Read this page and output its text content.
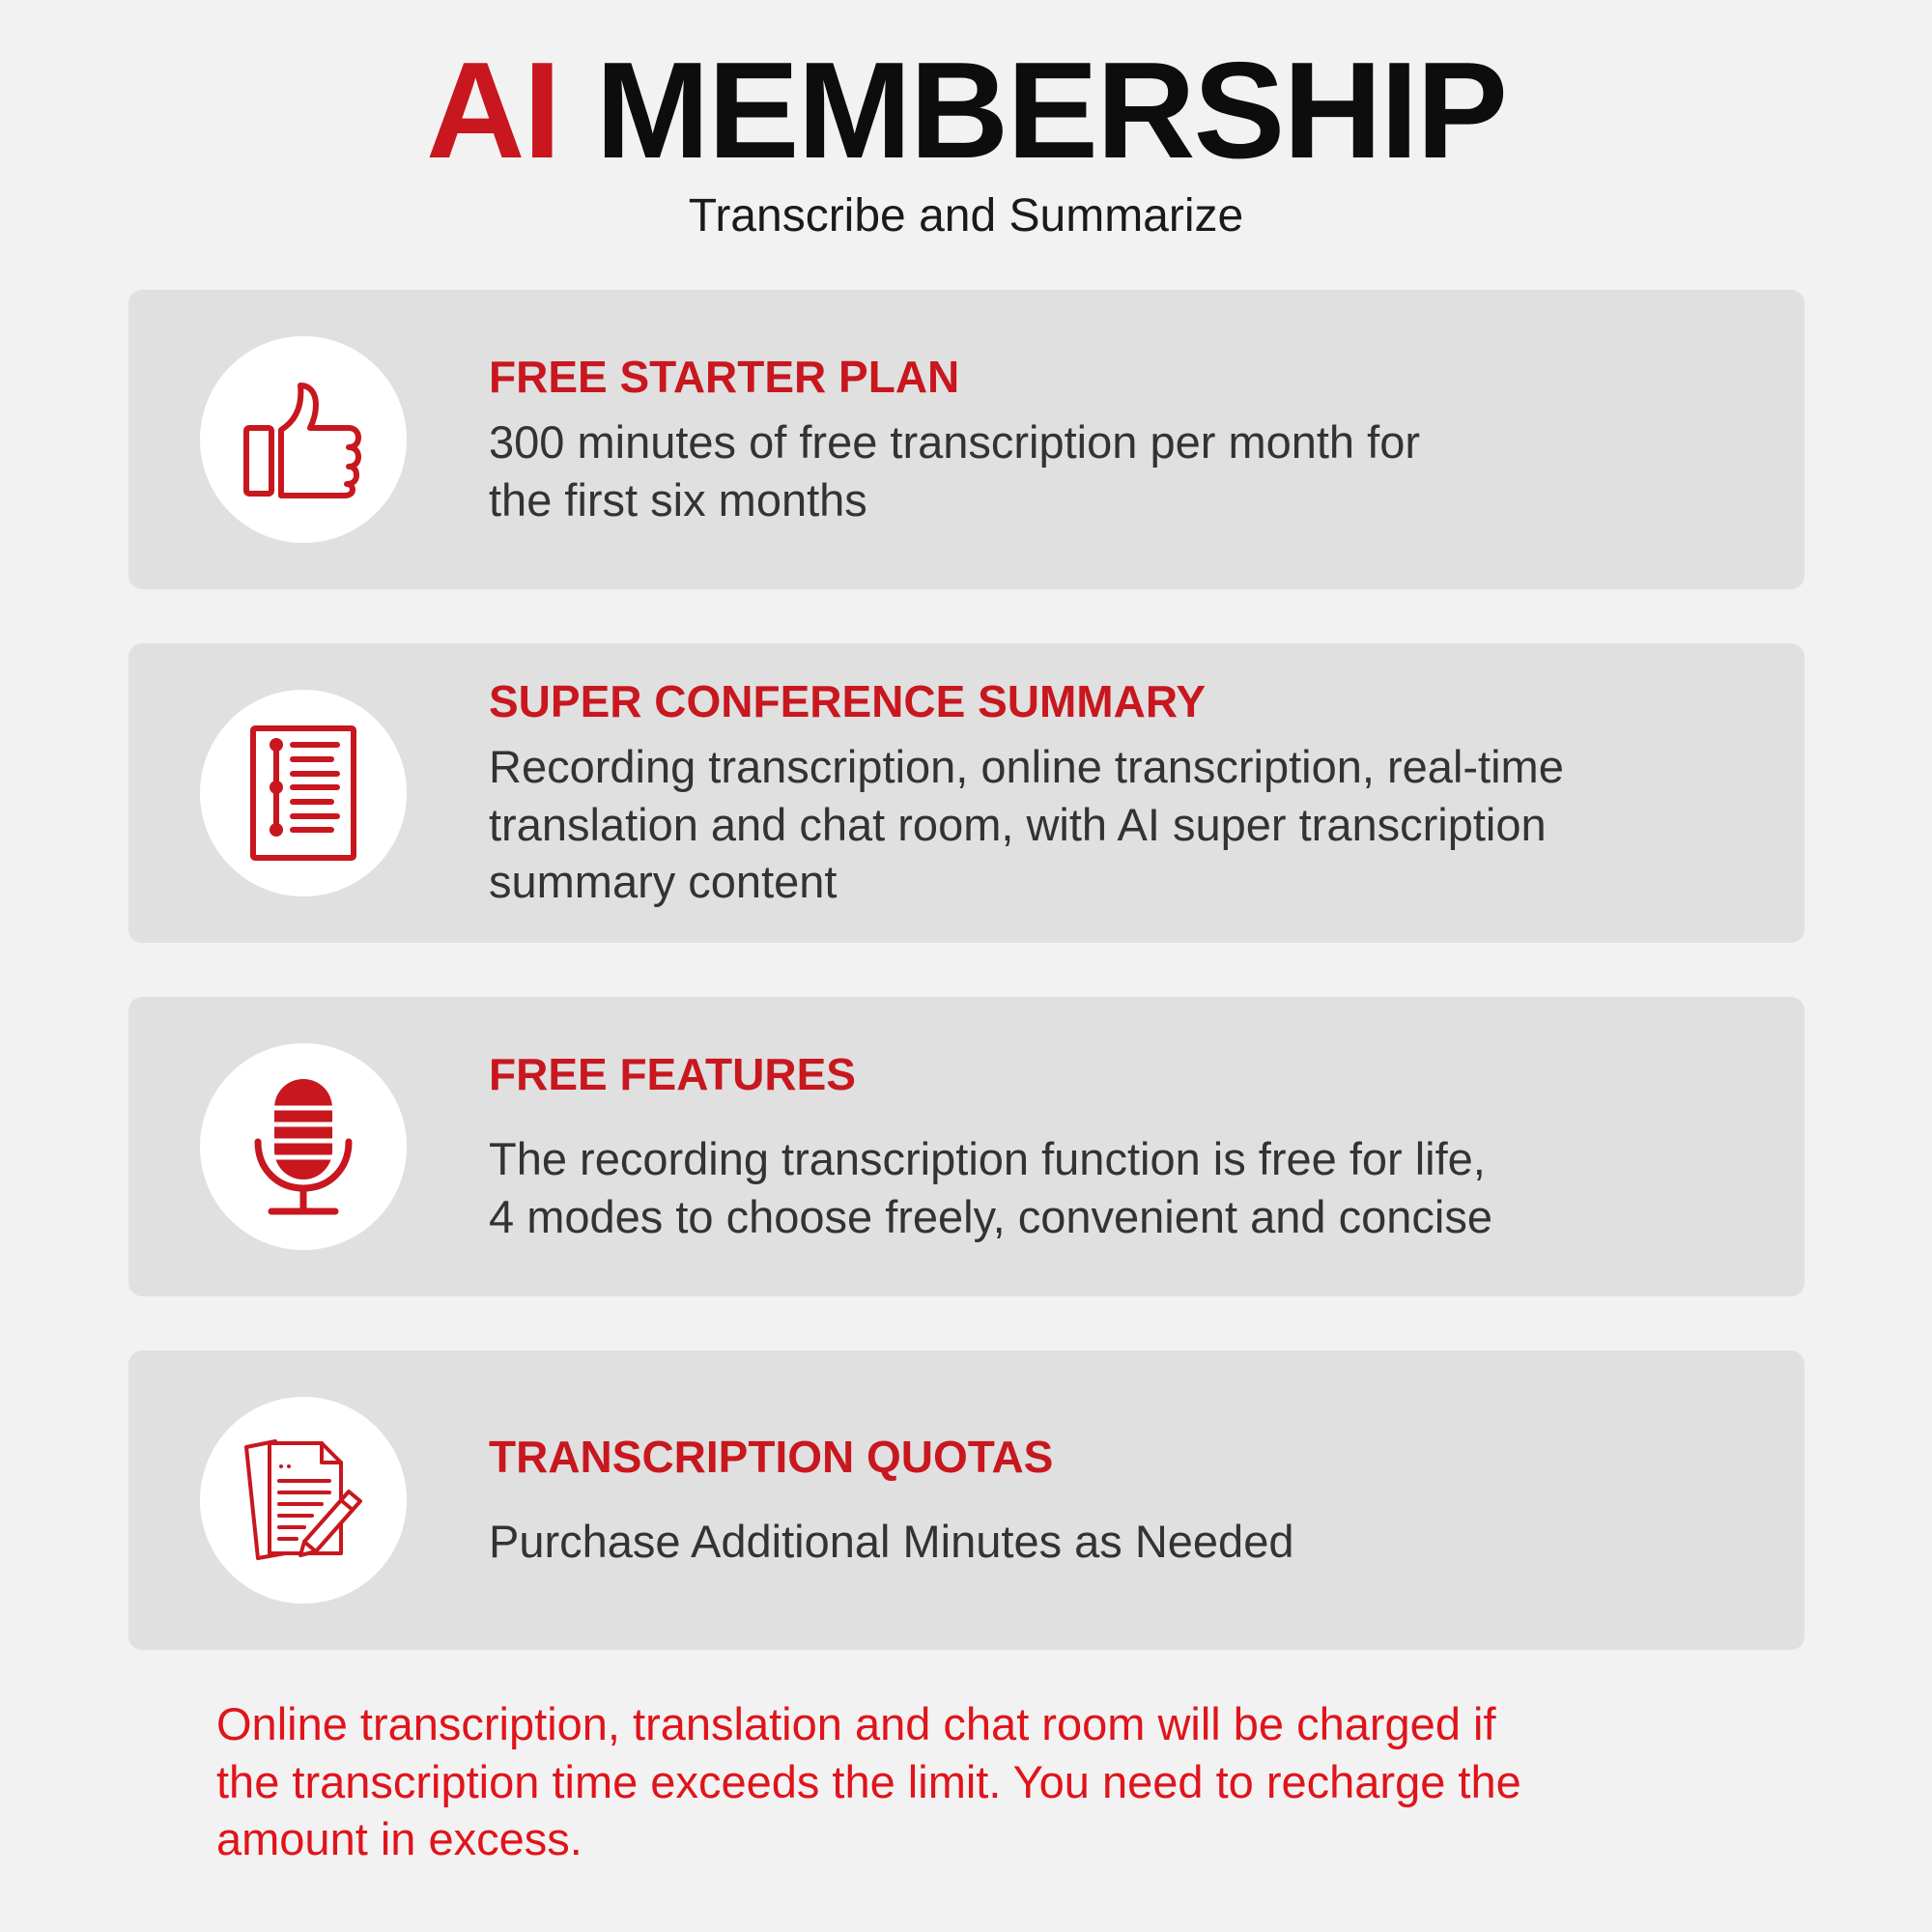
AI MEMBERSHIP
Transcribe and Summarize
FREE STARTER PLAN
300 minutes of free transcription per month for
the first six months
SUPER CONFERENCE SUMMARY
Recording transcription, online transcription, real-time
translation and chat room, with AI super transcription
summary content
FREE FEATURES
The recording transcription function is free for life,
4 modes to choose freely, convenient and concise
TRANSCRIPTION QUOTAS
Purchase Additional Minutes as Needed
Online transcription, translation and chat room will be charged if
the transcription time exceeds the limit. You need to recharge the
amount in excess.
